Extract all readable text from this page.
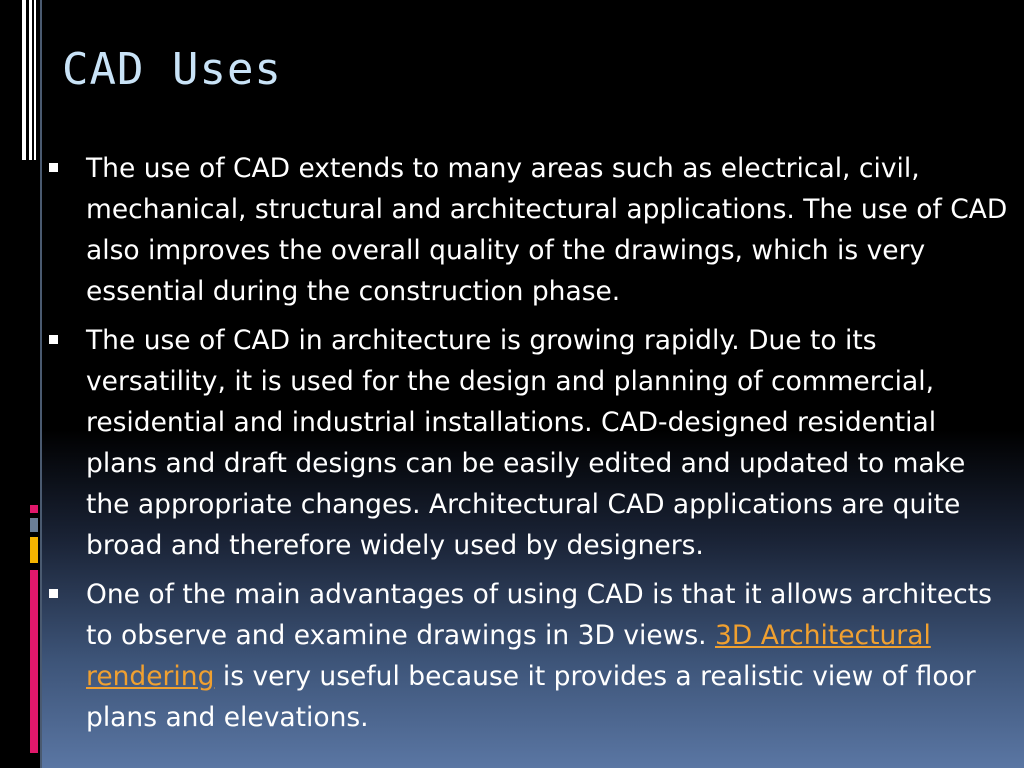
CAD Uses
The use of CAD extends to many areas such as electrical, civil, mechanical, structural and architectural applications. The use of CAD also improves the overall quality of the drawings, which is very essential during the construction phase.
The use of CAD in architecture is growing rapidly. Due to its versatility, it is used for the design and planning of commercial, residential and industrial installations. CAD-designed residential plans and draft designs can be easily edited and updated to make the appropriate changes. Architectural CAD applications are quite broad and therefore widely used by designers.
One of the main advantages of using CAD is that it allows architects to observe and examine drawings in 3D views. 3D Architectural rendering is very useful because it provides a realistic view of floor plans and elevations.
